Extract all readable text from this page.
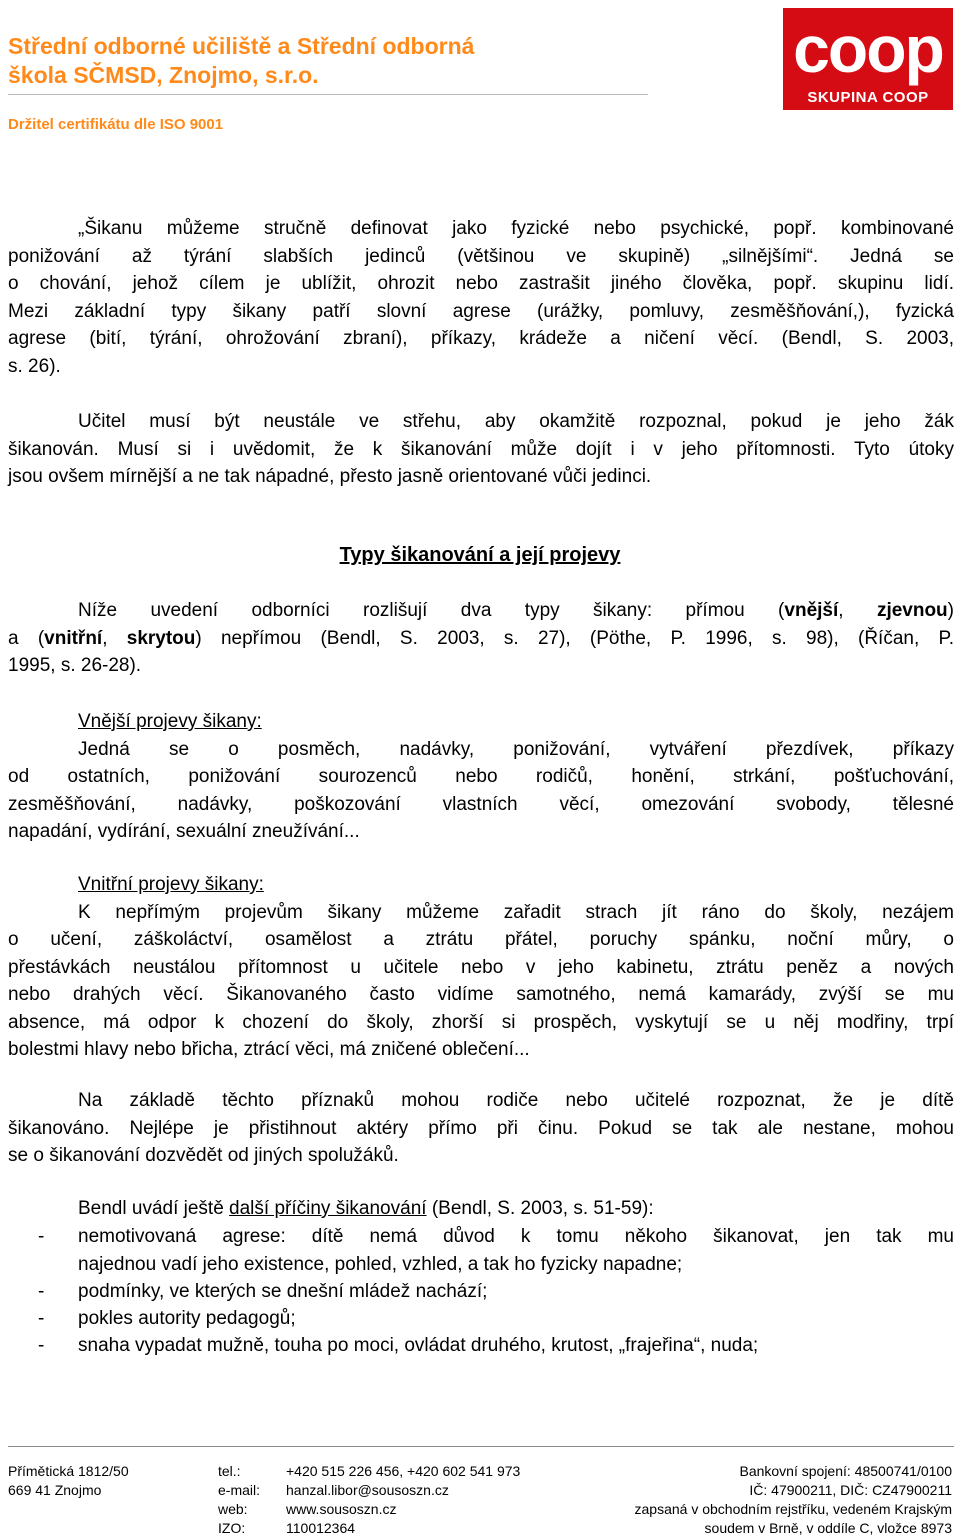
Střední odborné učiliště a Střední odborná
škola SČMSD, Znojmo, s.r.o.
Držitel certifikátu dle ISO 9001
coop
SKUPINA COOP
„Šikanu můžeme stručně definovat jako fyzické nebo psychické, popř. kombinované
ponižování až týrání slabších jedinců (většinou ve skupině) „silnějšími“. Jedná se
o chování, jehož cílem je ublížit, ohrozit nebo zastrašit jiného člověka, popř. skupinu lidí.
Mezi základní typy šikany patří slovní agrese (urážky, pomluvy, zesměšňování,), fyzická
agrese (bití, týrání, ohrožování zbraní), příkazy, krádeže a ničení věcí. (Bendl, S. 2003,
s. 26).
Učitel musí být neustále ve střehu, aby okamžitě rozpoznal, pokud je jeho žák
šikanován. Musí si i uvědomit, že k šikanování může dojít i v jeho přítomnosti. Tyto útoky
jsou ovšem mírnější a ne tak nápadné, přesto jasně orientované vůči jedinci.
Typy šikanování a její projevy
Níže uvedení odborníci rozlišují dva typy šikany: přímou (vnější, zjevnou)
a (vnitřní, skrytou) nepřímou (Bendl, S. 2003, s. 27), (Pöthe, P. 1996, s. 98), (Říčan, P.
1995, s. 26-28).
Vnější projevy šikany:
Jedná se o posměch, nadávky, ponižování, vytváření přezdívek, příkazy
od ostatních, ponižování sourozenců nebo rodičů, honění, strkání, pošťuchování,
zesměšňování, nadávky, poškozování vlastních věcí, omezování svobody, tělesné
napadání, vydírání, sexuální zneužívání...
Vnitřní projevy šikany:
K nepřímým projevům šikany můžeme zařadit strach jít ráno do školy, nezájem
o učení, záškoláctví, osamělost a ztrátu přátel, poruchy spánku, noční můry, o
přestávkách neustálou přítomnost u učitele nebo v jeho kabinetu, ztrátu peněz a nových
nebo drahých věcí. Šikanovaného často vidíme samotného, nemá kamarády, zvýší se mu
absence, má odpor k chození do školy, zhorší si prospěch, vyskytují se u něj modřiny, trpí
bolestmi hlavy nebo břicha, ztrácí věci, má zničené oblečení...
Na základě těchto příznaků mohou rodiče nebo učitelé rozpoznat, že je dítě
šikanováno. Nejlépe je přistihnout aktéry přímo při činu. Pokud se tak ale nestane, mohou
se o šikanování dozvědět od jiných spolužáků.
Bendl uvádí ještě další příčiny šikanování (Bendl, S. 2003, s. 51-59):
- nemotivovaná agrese: dítě nemá důvod k tomu někoho šikanovat, jen tak mu
najednou vadí jeho existence, pohled, vzhled, a tak ho fyzicky napadne;
- podmínky, ve kterých se dnešní mládež nachází;
- pokles autority pedagogů;
- snaha vypadat mužně, touha po moci, ovládat druhého, krutost, „frajeřina“, nuda;
Přímětická 1812/50
669 41 Znojmo
tel.:
e-mail:
web:
IZO:
+420 515 226 456, +420 602 541 973
hanzal.libor@sousoszn.cz
www.sousoszn.cz
110012364
Bankovní spojení: 48500741/0100
IČ: 47900211, DIČ: CZ47900211
zapsaná v obchodním rejstříku, vedeném Krajským
soudem v Brně, v oddíle C, vložce 8973
